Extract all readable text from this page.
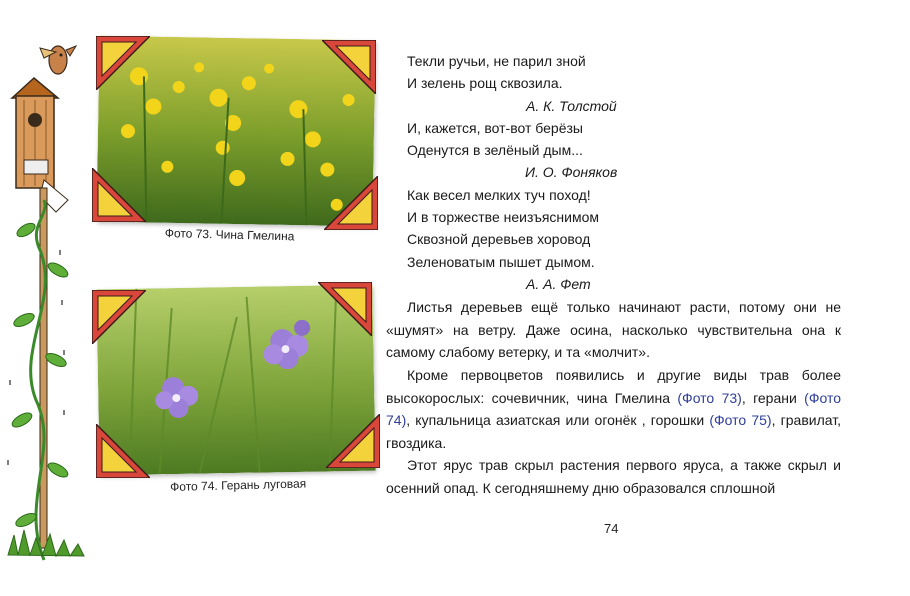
Фото 73. Чина Гмелина
Фото 74. Герань луговая
Текли ручьи, не парил зной
И зелень рощ сквозила.
А. К. Толстой
И, кажется, вот-вот берёзы
Оденутся в зелёный дым...
И. О. Фоняков
Как весел мелких туч поход!
И в торжестве неизъяснимом
Сквозной деревьев хоровод
Зеленоватым пышет дымом.
А. А. Фет
Листья деревьев ещё только начинают расти, потому они не «шумят» на ветру. Даже осина, насколько чувствительна она к самому слабому ветерку, и та «молчит».
Кроме первоцветов появились и другие виды трав более высокорослых: сочевичник, чина Гмелина (Фото 73), герани (Фото 74), купальница азиатская или огонёк , горошки (Фото 75), гравилат, гвоздика.
Этот ярус трав скрыл растения первого яруса, а также скрыл и осенний опад. К сегодняшнему дню образовался сплошной
74
